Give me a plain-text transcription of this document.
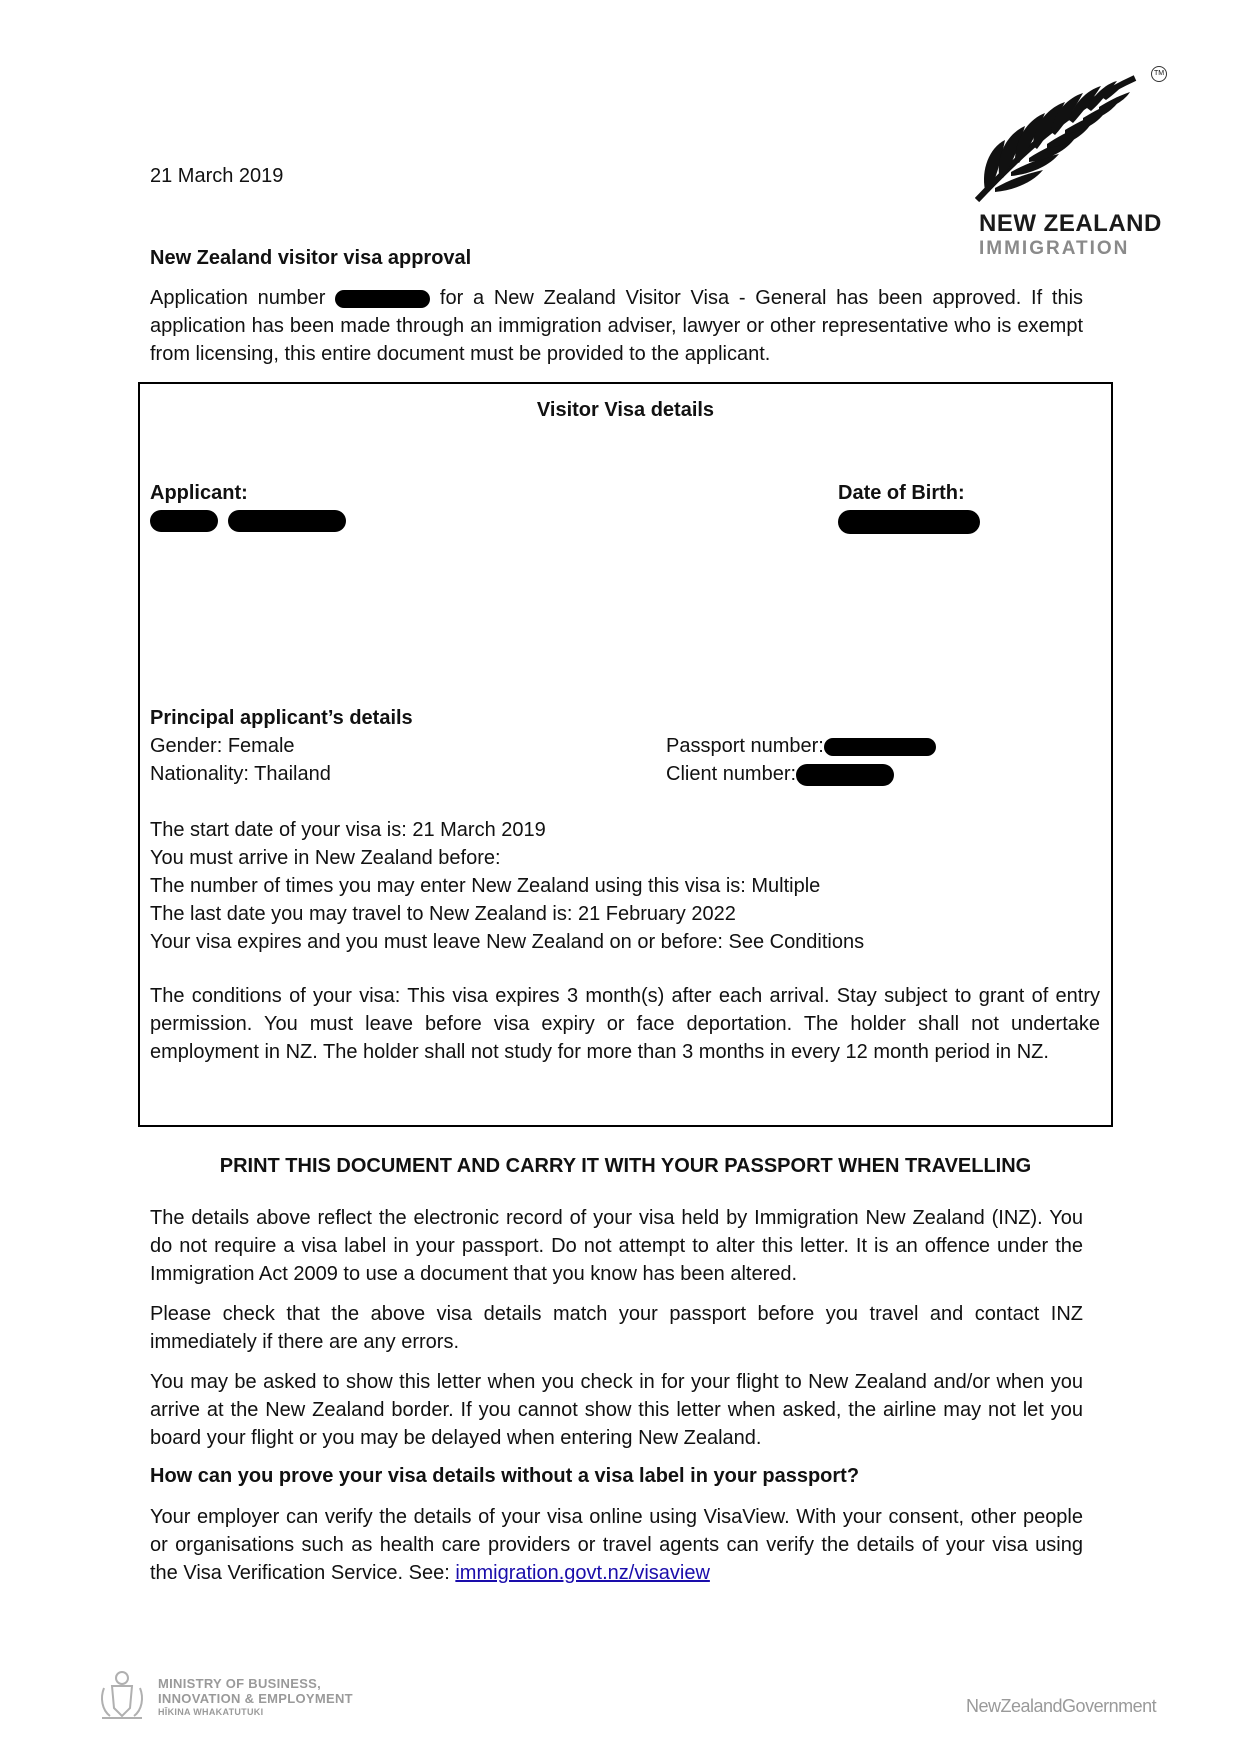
TM
NEW ZEALAND
IMMIGRATION
21 March 2019
New Zealand visitor visa approval
Application number	for a New Zealand Visitor Visa - General has been approved. If this application has been made through an immigration adviser, lawyer or other representative who is exempt from licensing, this entire document must be provided to the applicant.
Visitor Visa details
Applicant:
	Date of Birth:
Principal applicant’s details
Gender: Female
Nationality: Thailand
Passport number:
Client number:
The start date of your visa is: 21 March 2019
You must arrive in New Zealand before:
The number of times you may enter New Zealand using this visa is: Multiple
The last date you may travel to New Zealand is: 21 February 2022
Your visa expires and you must leave New Zealand on or before: See Conditions
The conditions of your visa: This visa expires 3 month(s) after each arrival. Stay subject to grant of entry permission. You must leave before visa expiry or face deportation. The holder shall not undertake employment in NZ. The holder shall not study for more than 3 months in every 12 month period in NZ.
PRINT THIS DOCUMENT AND CARRY IT WITH YOUR PASSPORT WHEN TRAVELLING
The details above reflect the electronic record of your visa held by Immigration New Zealand (INZ). You do not require a visa label in your passport. Do not attempt to alter this letter. It is an offence under the Immigration Act 2009 to use a document that you know has been altered.
Please check that the above visa details match your passport before you travel and contact INZ immediately if there are any errors.
You may be asked to show this letter when you check in for your flight to New Zealand and/or when you arrive at the New Zealand border. If you cannot show this letter when asked, the airline may not let you board your flight or you may be delayed when entering New Zealand.
How can you prove your visa details without a visa label in your passport?
Your employer can verify the details of your visa online using VisaView. With your consent, other people or organisations such as health care providers or travel agents can verify the details of your visa using the Visa Verification Service. See: immigration.govt.nz/visaview
MINISTRY OF BUSINESS,
INNOVATION & EMPLOYMENT
HĪKINA WHAKATUTUKI	NewZealandGovernment
